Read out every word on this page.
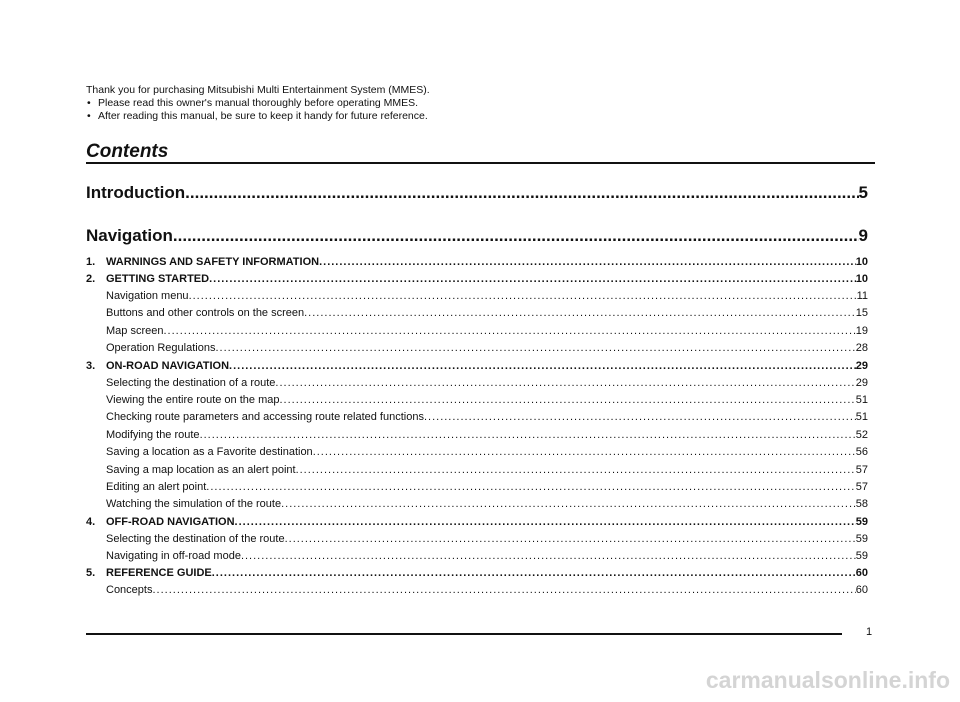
Thank you for purchasing Mitsubishi Multi Entertainment System (MMES).
• Please read this owner's manual thoroughly before operating MMES.
• After reading this manual, be sure to keep it handy for future reference.
Contents
Introduction .....	5
Navigation .....	9
1. WARNINGS AND SAFETY INFORMATION .....	10
2. GETTING STARTED .....	10
Navigation menu .....	11
Buttons and other controls on the screen .....	15
Map screen .....	19
Operation Regulations .....	28
3. ON-ROAD NAVIGATION .....	29
Selecting the destination of a route .....	29
Viewing the entire route on the map .....	51
Checking route parameters and accessing route related functions .....	51
Modifying the route .....	52
Saving a location as a Favorite destination .....	56
Saving a map location as an alert point .....	57
Editing an alert point .....	57
Watching the simulation of the route .....	58
4. OFF-ROAD NAVIGATION .....	59
Selecting the destination of the route .....	59
Navigating in off-road mode .....	59
5. REFERENCE GUIDE .....	60
Concepts .....	60
1
carmanualsonline.info
